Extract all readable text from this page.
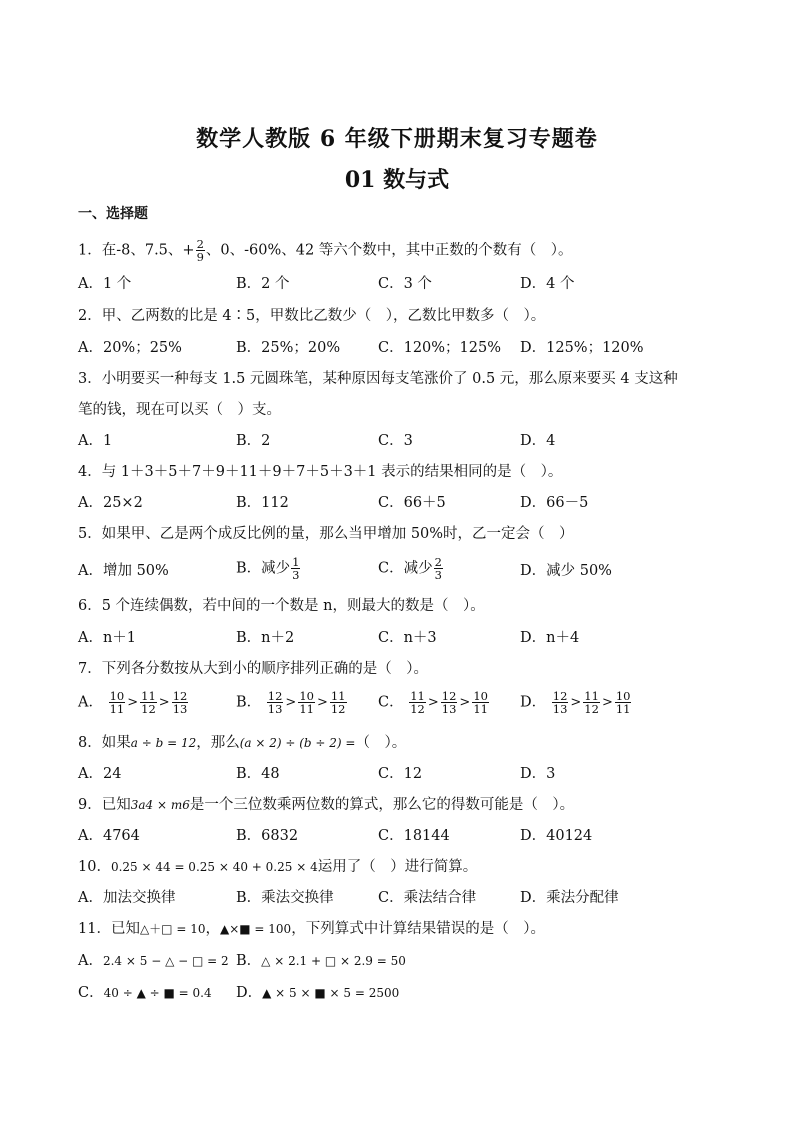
数学人教版 6 年级下册期末复习专题卷
01 数与式
一、选择题
1．在-8、7.5、+ $\frac{2}{9}$ 、0、-60%、42 等六个数中，其中正数的个数有（　）。
A．1 个	B．2 个	C．3 个	D．4 个
2．甲、乙两数的比是 4∶5，甲数比乙数少（　），乙数比甲数多（　）。
A．20%；25%	B．25%；20%	C．120%；125% D．125%；120%
3．小明要买一种每支 1.5 元圆珠笔，某种原因每支笔涨价了 0.5 元，那么原来要买 4 支这种
笔的钱，现在可以买（　）支。
A．1	B．2	C．3	D．4
4．与 1＋3＋5＋7＋9＋11＋9＋7＋5＋3＋1 表示的结果相同的是（　）。
A．25×2	B．112	C．66＋5	D．66－5
5．如果甲、乙是两个成反比例的量，那么当甲增加 50%时，乙一定会（　）
A．增加 50%	B．减少 $\frac{1}{3}$	C．减少 $\frac{2}{3}$	D．减少 50%
6．5 个连续偶数，若中间的一个数是 n，则最大的数是（　）。
A．n＋1	B．n＋2	C．n＋3	D．n＋4
7．下列各分数按从大到小的顺序排列正确的是（　）。
A． $\frac{10}{11} > \frac{11}{12} > \frac{12}{13}$	B． $\frac{12}{13} > \frac{10}{11} > \frac{11}{12}$ C． $\frac{11}{12} > \frac{12}{13} > \frac{10}{11}$ D． $\frac{12}{13} > \frac{11}{12} > \frac{10}{11}$
8．如果a ÷ b = 12，那么(a × 2) ÷ (b ÷ 2) =（　）。
A．24	B．48	C．12	D．3
9．已知3a4 × m6是一个三位数乘两位数的算式，那么它的得数可能是（　）。
A．4764	B．6832	C．18144	D．40124
10．0.25 × 44 = 0.25 × 40 + 0.25 × 4运用了（　）进行简算。
A．加法交换律	B．乘法交换律	C．乘法结合律	D．乘法分配律
11．已知△＋□ = 10，▲×■ = 100，下列算式中计算结果错误的是（　）。
A．2.4 × 5 − △ − □ = 2 B．△ × 2.1 + □ × 2.9 = 50
C．40 ÷ ▲ ÷ ■ = 0.4 D．▲ × 5 × ■ × 5 = 2500
